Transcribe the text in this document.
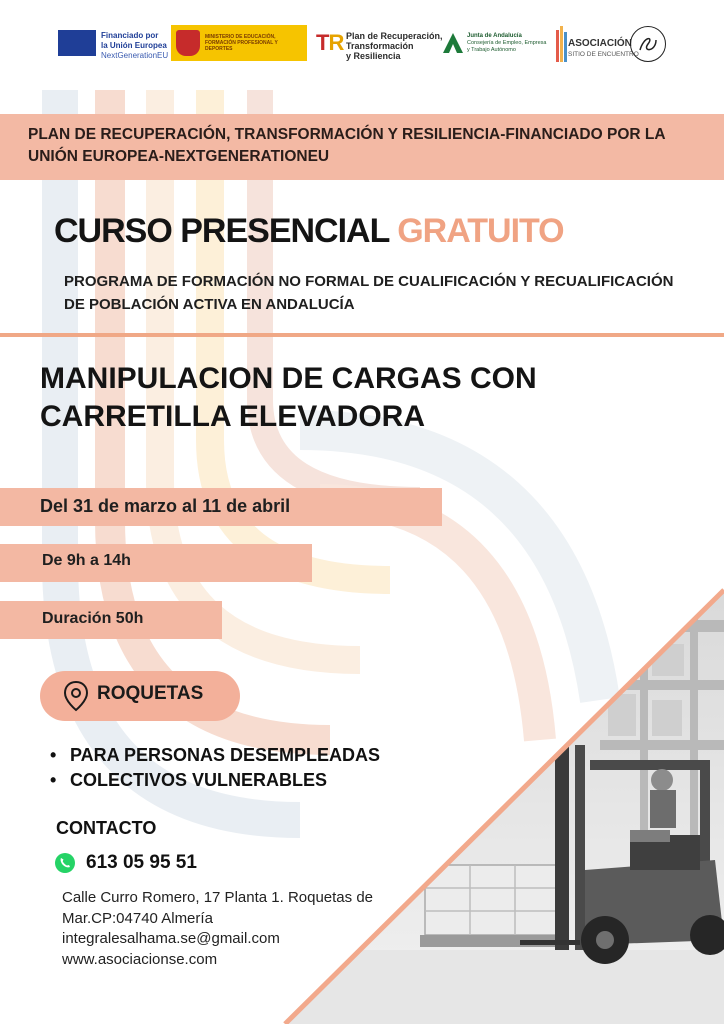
Financiado por
la Unión Europea
NextGenerationEU
MINISTERIO DE EDUCACIÓN, FORMACIÓN PROFESIONAL Y DEPORTES	TR Plan de Recuperación,
Transformación
y Resiliencia
Junta de Andalucía
Consejería de Empleo, Empresa
y Trabajo Autónomo
ASOCIACIÓN
SITIO DE ENCUENTRO
PLAN DE RECUPERACIÓN, TRANSFORMACIÓN Y RESILIENCIA-FINANCIADO POR LA UNIÓN EUROPEA-NEXTGENERATIONEU
CURSO PRESENCIAL GRATUITO
PROGRAMA DE FORMACIÓN NO FORMAL DE CUALIFICACIÓN Y RECUALIFICACIÓN DE POBLACIÓN ACTIVA EN ANDALUCÍA
MANIPULACION DE CARGAS CON CARRETILLA ELEVADORA
Del 31 de marzo al 11 de abril
De 9h a 14h
Duración 50h
ROQUETAS
• PARA PERSONAS DESEMPLEADAS
• COLECTIVOS VULNERABLES
CONTACTO
613 05 95 51
Calle Curro Romero, 17 Planta 1. Roquetas de Mar.CP:04740 Almería
integralesalhama.se@gmail.com
www.asociacionse.com
